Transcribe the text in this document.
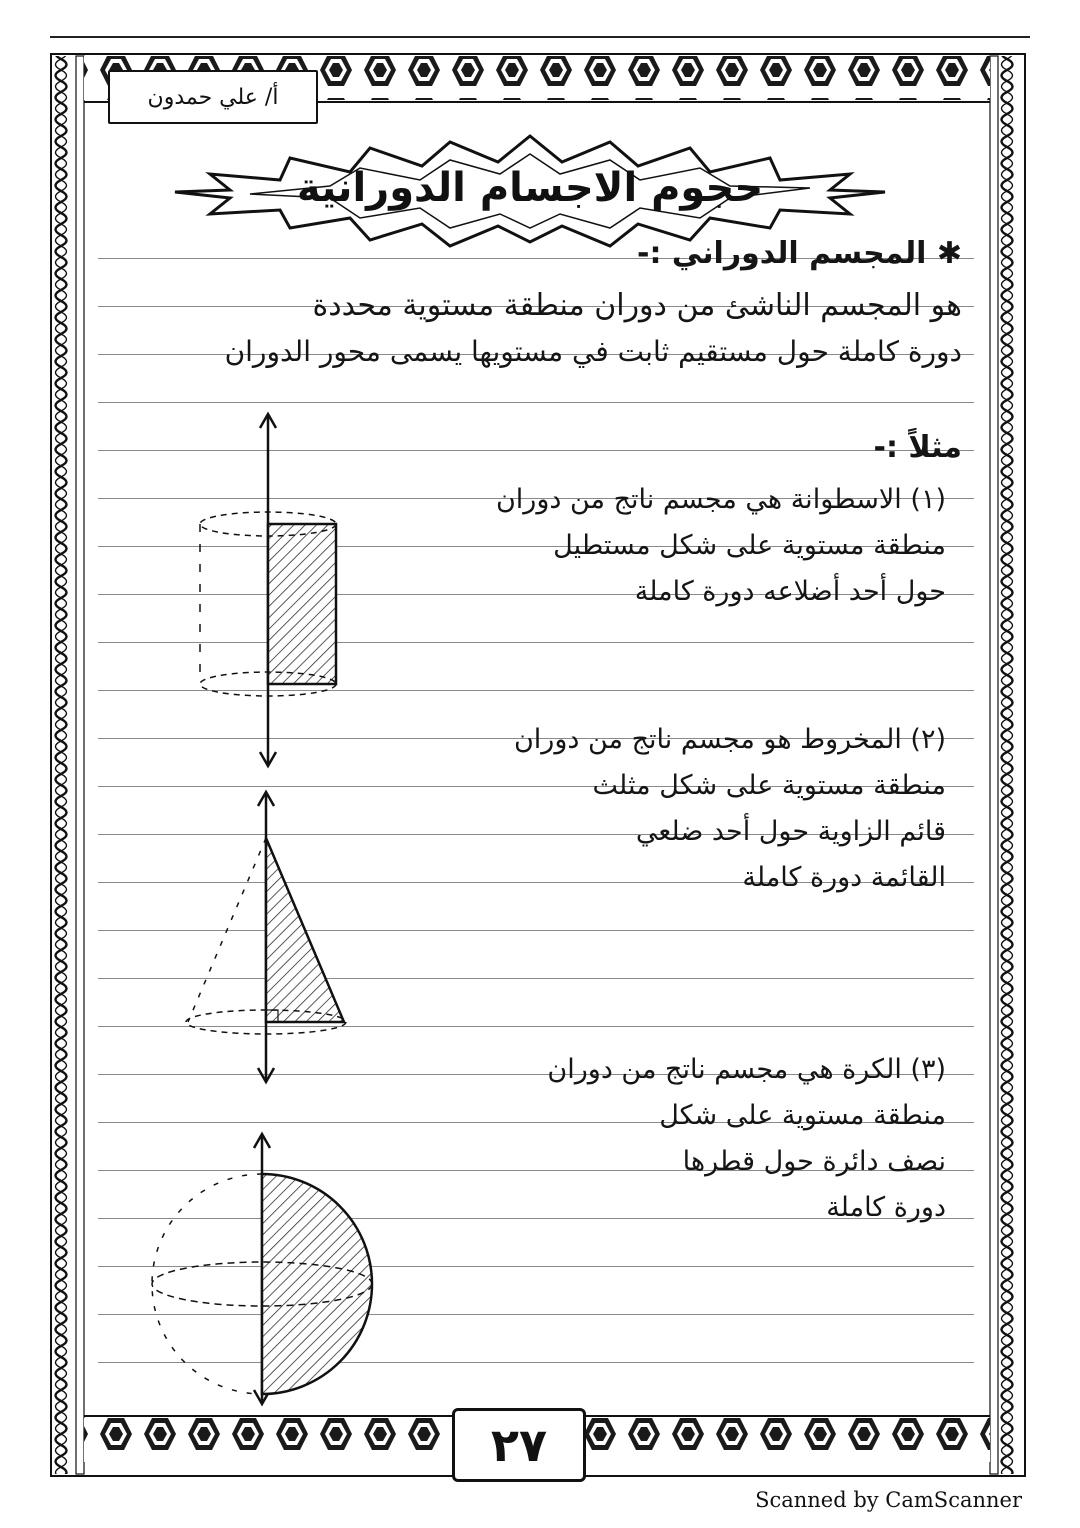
أ/ علي حمدون
حجوم الاجسام الدورانية
✱ المجسم الدوراني :-
هو المجسم الناشئ من دوران منطقة مستوية محددة
دورة كاملة حول مستقيم ثابت في مستويها يسمى محور الدوران
مثلاً :-
(١) الاسطوانة هي مجسم ناتج من دوران
منطقة مستوية على شكل مستطيل
حول أحد أضلاعه دورة كاملة
(٢) المخروط هو مجسم ناتج من دوران
منطقة مستوية على شكل مثلث
قائم الزاوية حول أحد ضلعي
القائمة دورة كاملة
(٣) الكرة هي مجسم ناتج من دوران
منطقة مستوية على شكل
نصف دائرة حول قطرها
دورة كاملة
٢٧
Scanned by CamScanner
